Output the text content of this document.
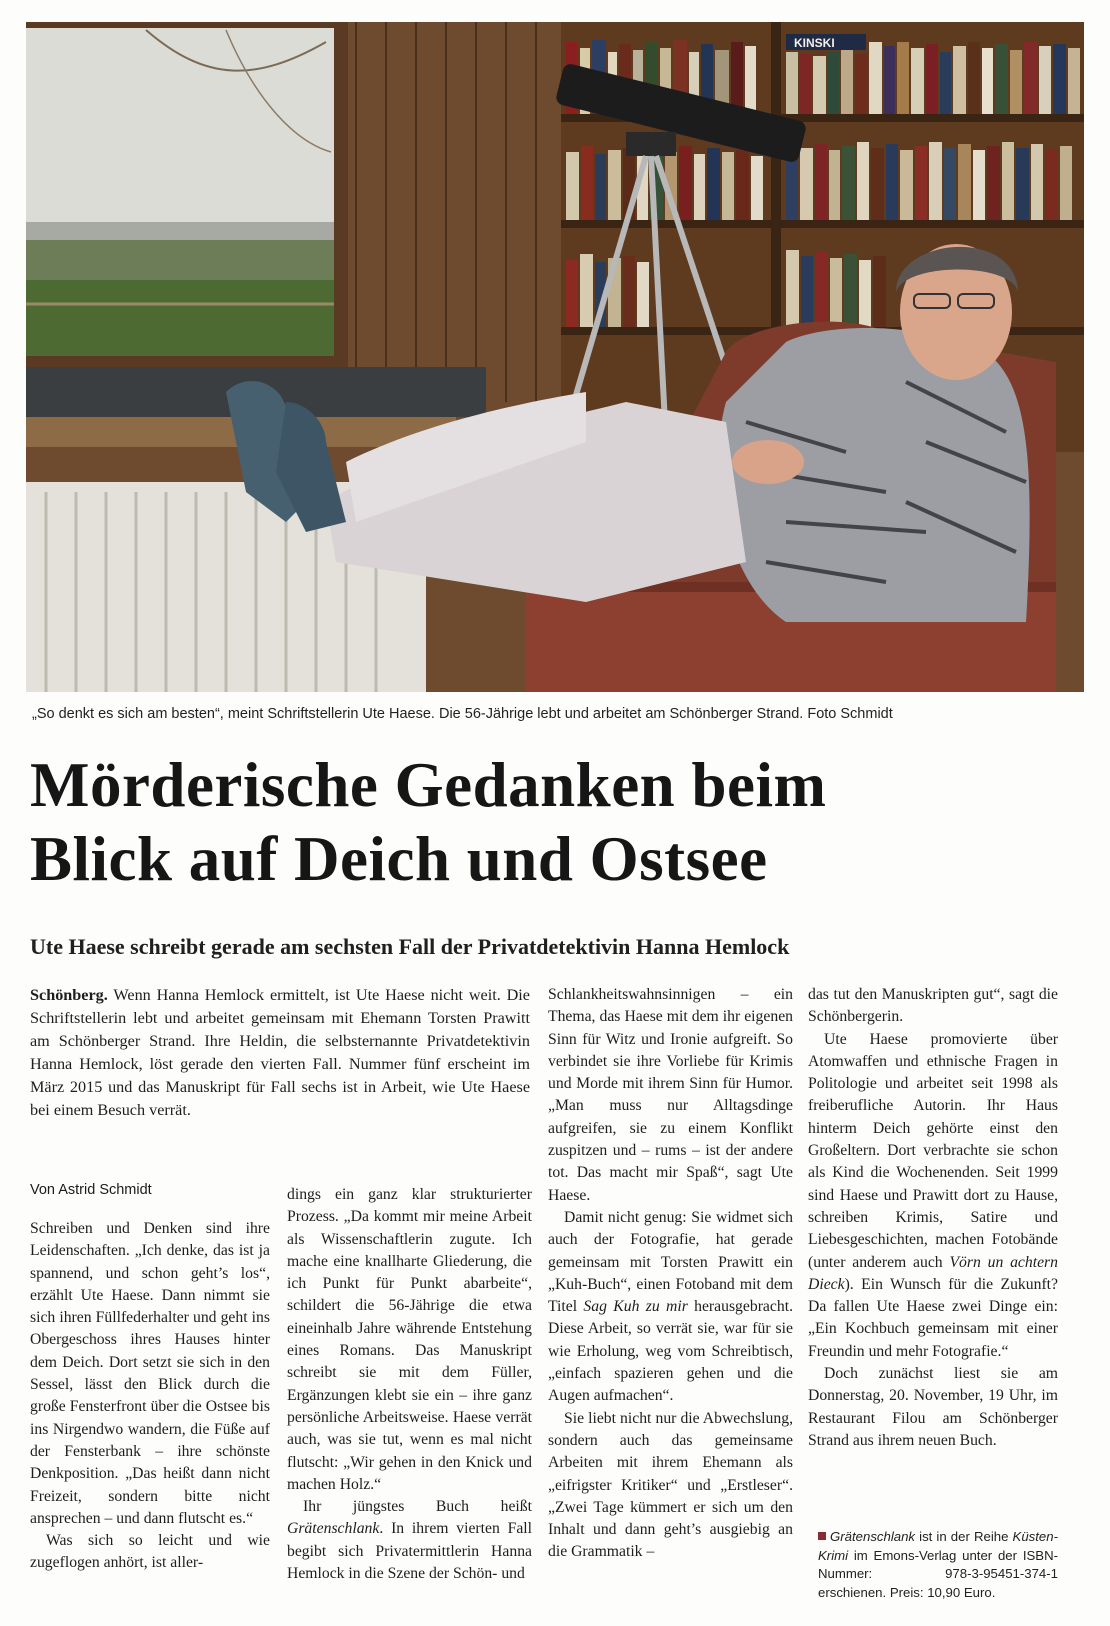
KINSKI
„So denkt es sich am besten“, meint Schriftstellerin Ute Haese. Die 56-Jährige lebt und arbeitet am Schönberger Strand. Foto Schmidt
Mörderische Gedanken beim
Blick auf Deich und Ostsee
Ute Haese schreibt gerade am sechsten Fall der Privatdetektivin Hanna Hemlock

Schönberg. Wenn Hanna Hemlock ermittelt, ist Ute Haese nicht weit. Die Schriftstellerin lebt und arbeitet gemeinsam mit Ehemann Torsten Prawitt am Schönberger Strand. Ihre Heldin, die selbsternannte Privatdetektivin Hanna Hemlock, löst gerade den vierten Fall. Nummer fünf erscheint im März 2015 und das Manuskript für Fall sechs ist in Arbeit, wie Ute Haese bei einem Besuch verrät.

Von Astrid Schmidt

Schreiben und Denken sind ihre Leidenschaften. „Ich denke, das ist ja spannend, und schon geht’s los“, erzählt Ute Haese. Dann nimmt sie sich ihren Füllfederhalter und geht ins Obergeschoss ihres Hauses hinter dem Deich. Dort setzt sie sich in den Sessel, lässt den Blick durch die große Fensterfront über die Ostsee bis ins Nirgendwo wandern, die Füße auf der Fensterbank – ihre schönste Denkposition. „Das heißt dann nicht Freizeit, sondern bitte nicht ansprechen – und dann flutscht es.“

Was sich so leicht und wie zugeflogen anhört, ist aller-

dings ein ganz klar strukturierter Prozess. „Da kommt mir meine Arbeit als Wissenschaftlerin zugute. Ich mache eine knallharte Gliederung, die ich Punkt für Punkt abarbeite“, schildert die 56-Jährige die etwa eineinhalb Jahre währende Entstehung eines Romans. Das Manuskript schreibt sie mit dem Füller, Ergänzungen klebt sie ein – ihre ganz persönliche Arbeitsweise. Haese verrät auch, was sie tut, wenn es mal nicht flutscht: „Wir gehen in den Knick und machen Holz.“

Ihr jüngstes Buch heißt Grätenschlank. In ihrem vierten Fall begibt sich Privatermittlerin Hanna Hemlock in die Szene der Schön- und

Schlankheitswahnsinnigen – ein Thema, das Haese mit dem ihr eigenen Sinn für Witz und Ironie aufgreift. So verbindet sie ihre Vorliebe für Krimis und Morde mit ihrem Sinn für Humor. „Man muss nur Alltagsdinge aufgreifen, sie zu einem Konflikt zuspitzen und – rums – ist der andere tot. Das macht mir Spaß“, sagt Ute Haese.

Damit nicht genug: Sie widmet sich auch der Fotografie, hat gerade gemeinsam mit Torsten Prawitt ein „Kuh-Buch“, einen Fotoband mit dem Titel Sag Kuh zu mir herausgebracht. Diese Arbeit, so verrät sie, war für sie wie Erholung, weg vom Schreibtisch, „einfach spazieren gehen und die Augen aufmachen“.

Sie liebt nicht nur die Abwechslung, sondern auch das gemeinsame Arbeiten mit ihrem Ehemann als „eifrigster Kritiker“ und „Erstleser“. „Zwei Tage kümmert er sich um den Inhalt und dann geht’s ausgiebig an die Grammatik –

das tut den Manuskripten gut“, sagt die Schönbergerin.

Ute Haese promovierte über Atomwaffen und ethnische Fragen in Politologie und arbeitet seit 1998 als freiberufliche Autorin. Ihr Haus hinterm Deich gehörte einst den Großeltern. Dort verbrachte sie schon als Kind die Wochenenden. Seit 1999 sind Haese und Prawitt dort zu Hause, schreiben Krimis, Satire und Liebesgeschichten, machen Fotobände (unter anderem auch Vörn un achtern Dieck). Ein Wunsch für die Zukunft? Da fallen Ute Haese zwei Dinge ein: „Ein Kochbuch gemeinsam mit einer Freundin und mehr Fotografie.“

Doch zunächst liest sie am Donnerstag, 20. November, 19 Uhr, im Restaurant Filou am Schönberger Strand aus ihrem neuen Buch.

Grätenschlank ist in der Reihe Küsten-Krimi im Emons-Verlag unter der ISBN-Nummer: 978-3-95451-374-1 erschienen. Preis: 10,90 Euro.
